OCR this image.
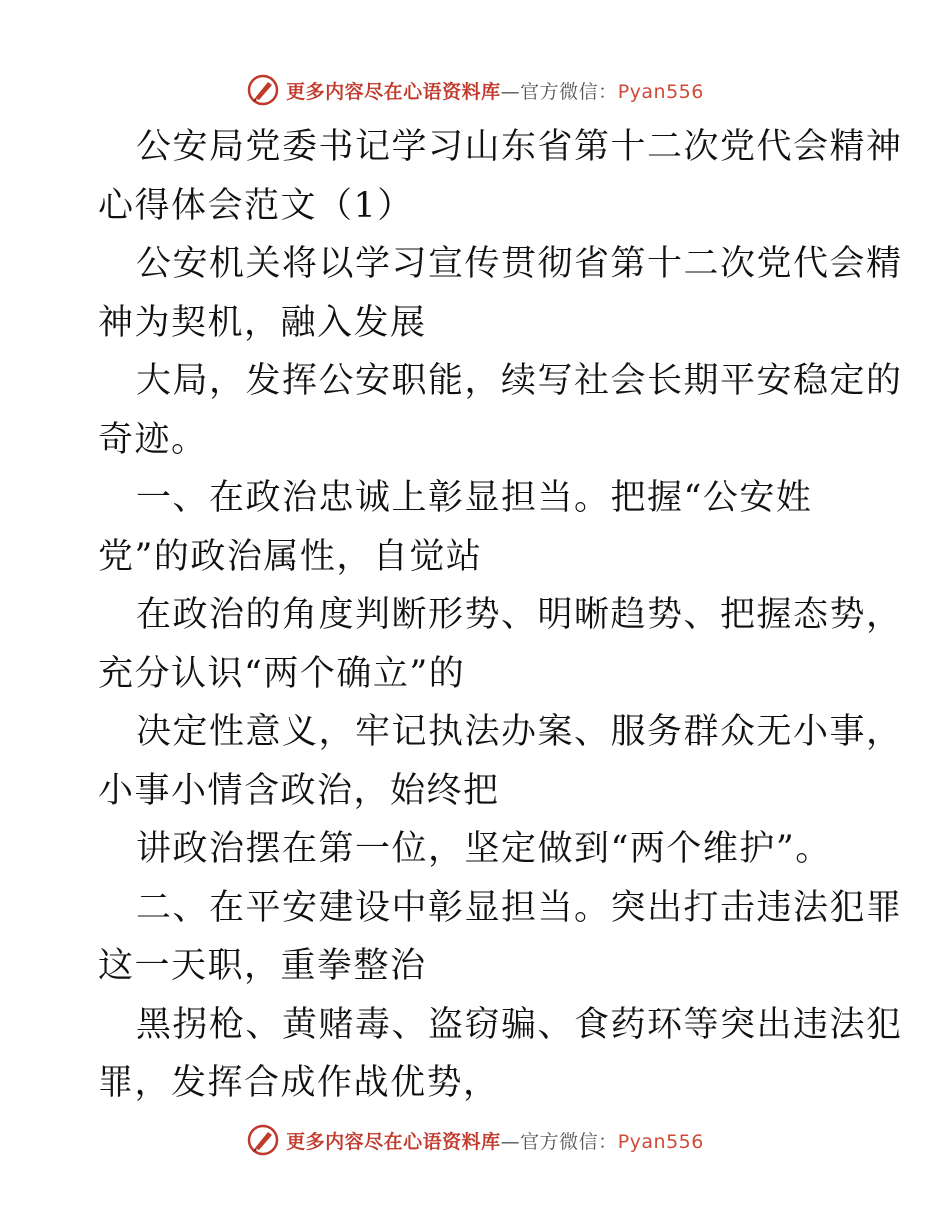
更多内容尽在心语资料库—官方微信：Pyan556
公安局党委书记学习山东省第十二次党代会精神
心得体会范文（1）
公安机关将以学习宣传贯彻省第十二次党代会精
神为契机，融入发展
大局，发挥公安职能，续写社会长期平安稳定的
奇迹。
一、在政治忠诚上彰显担当。把握“公安姓
党”的政治属性，自觉站
在政治的角度判断形势、明晰趋势、把握态势，
充分认识“两个确立”的
决定性意义，牢记执法办案、服务群众无小事，
小事小情含政治，始终把
讲政治摆在第一位，坚定做到“两个维护”。
二、在平安建设中彰显担当。突出打击违法犯罪
这一天职，重拳整治
黑拐枪、黄赌毒、盗窃骗、食药环等突出违法犯
罪，发挥合成作战优势，
更多内容尽在心语资料库—官方微信：Pyan556
